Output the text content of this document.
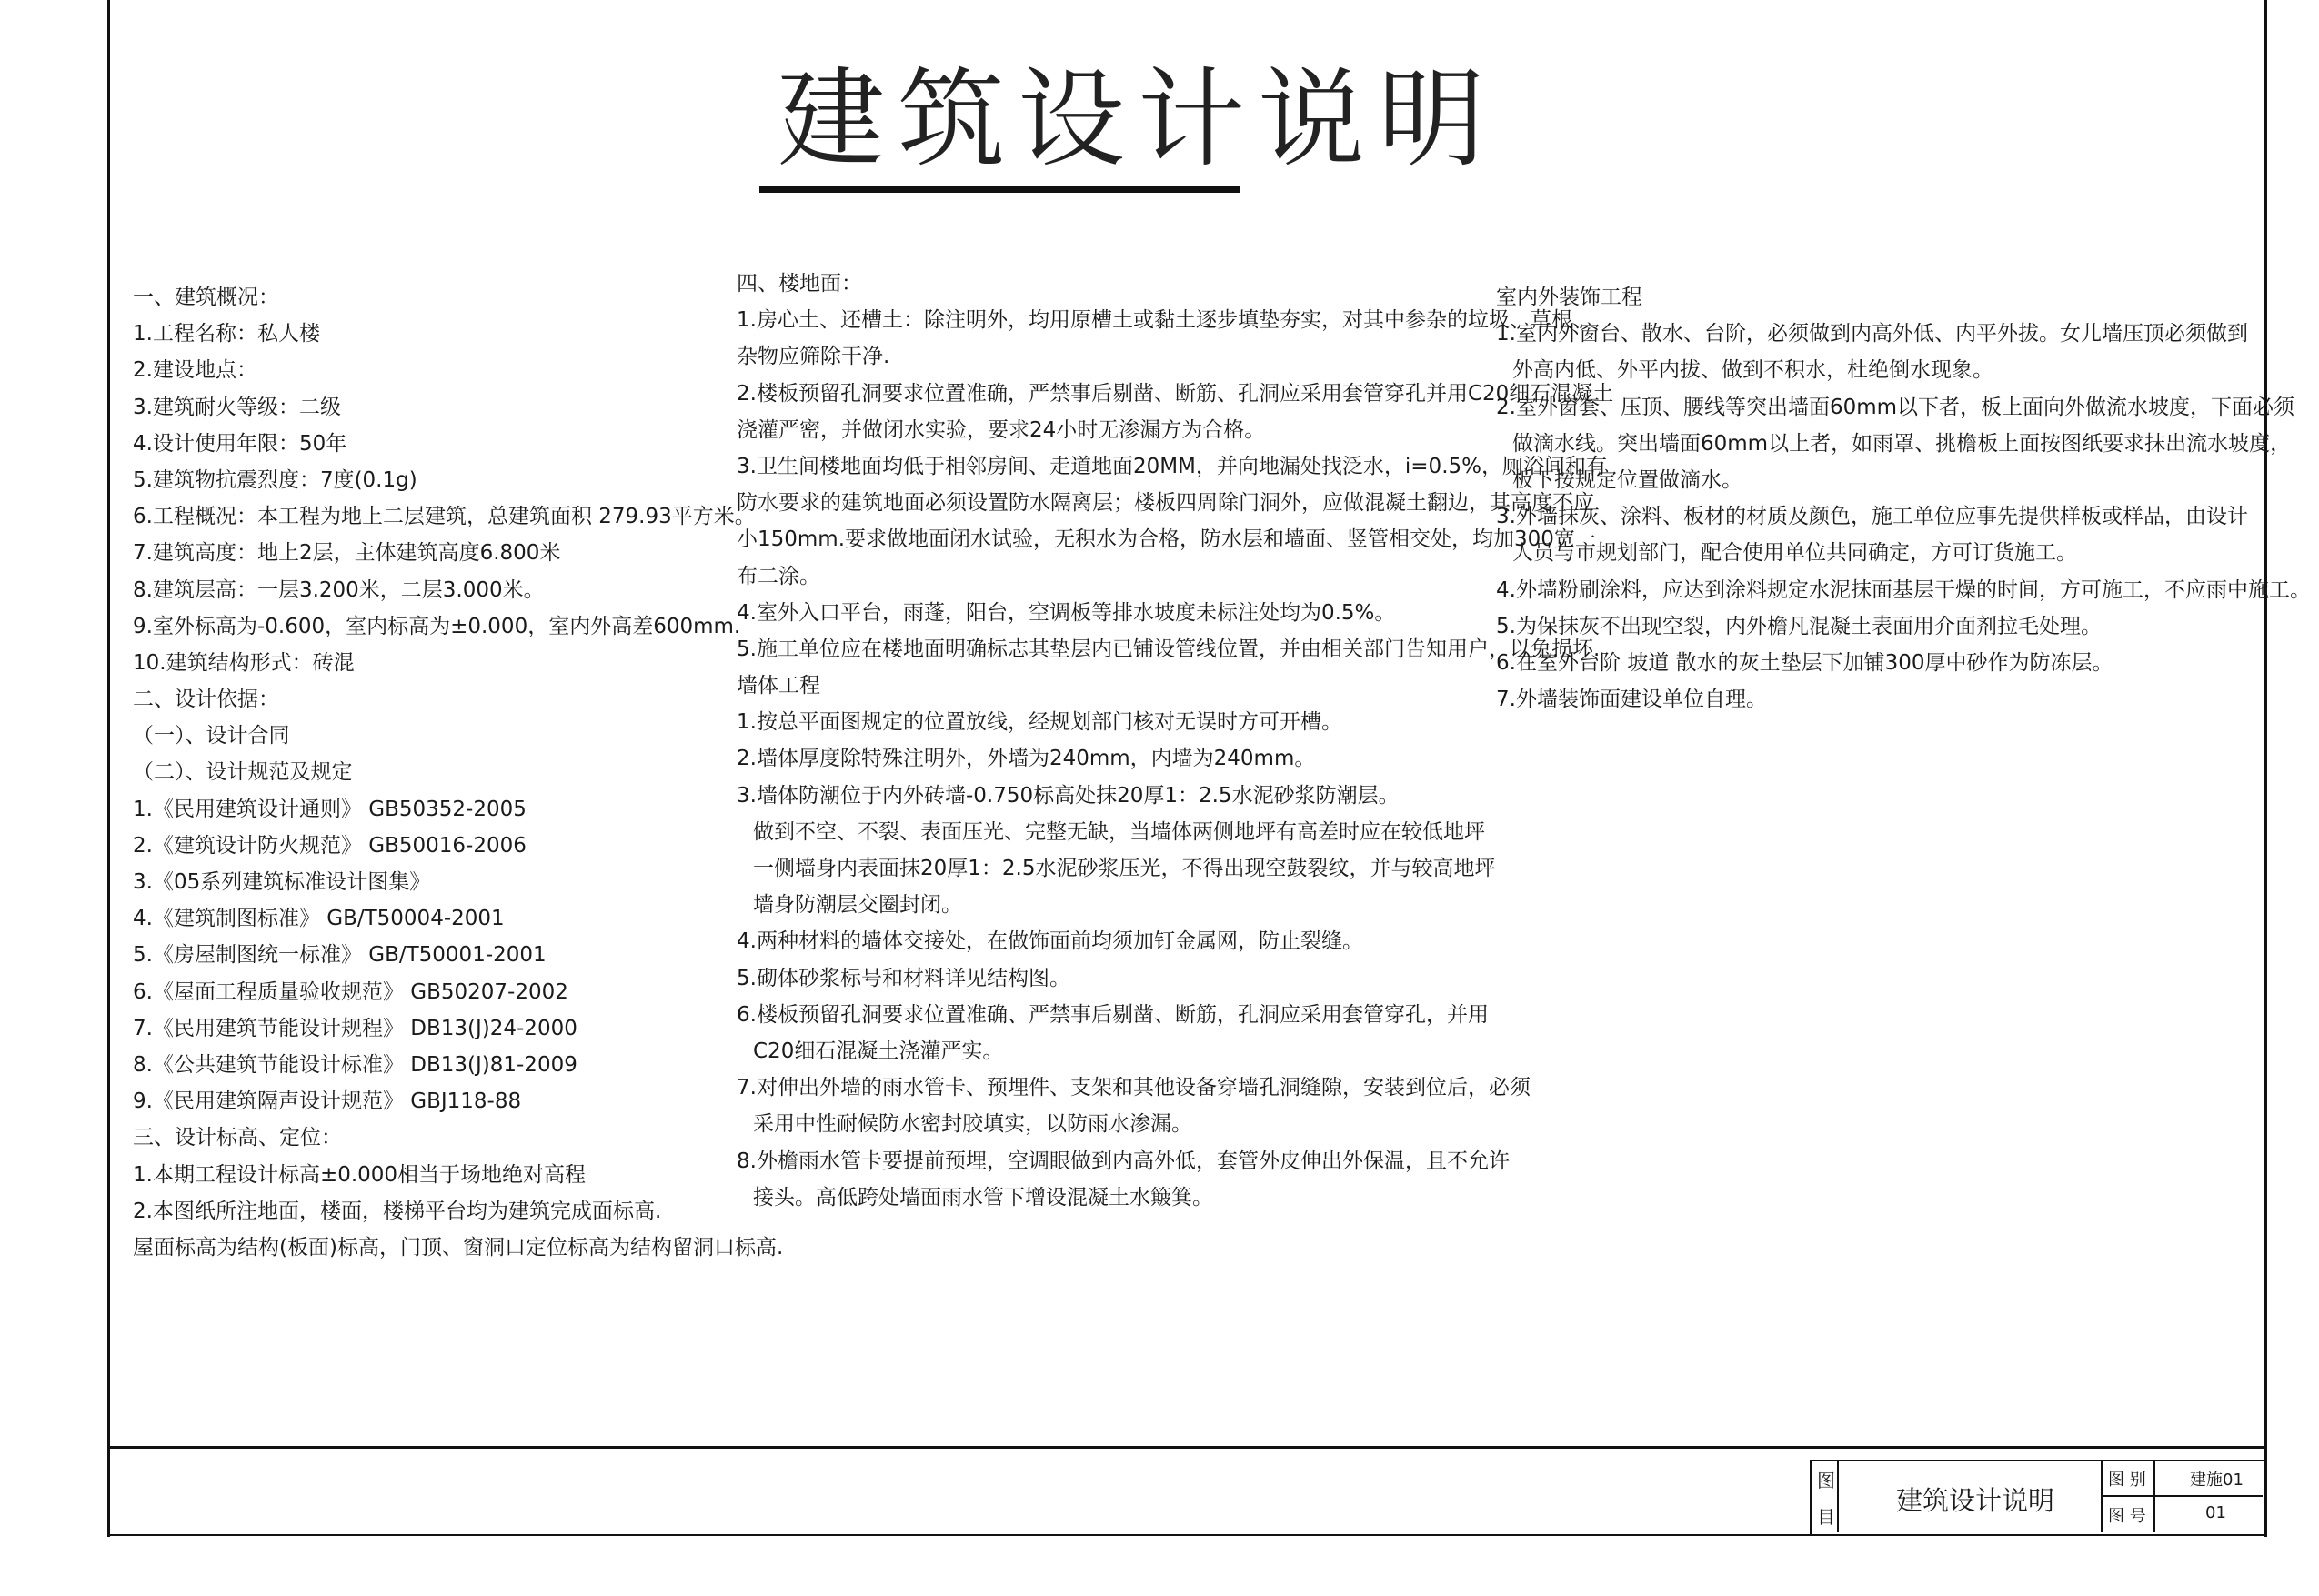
建筑设计说明
一、建筑概况：
1.工程名称：私人楼
2.建设地点：
3.建筑耐火等级：二级
4.设计使用年限：50年
5.建筑物抗震烈度：7度(0.1g)
6.工程概况：本工程为地上二层建筑，总建筑面积 279.93平方米。
7.建筑高度：地上2层，主体建筑高度6.800米
8.建筑层高：一层3.200米，二层3.000米。
9.室外标高为-0.600，室内标高为±0.000，室内外高差600mm.
10.建筑结构形式：砖混
二、设计依据：
（一）、设计合同
（二）、设计规范及规定
1.《民用建筑设计通则》 GB50352-2005
2.《建筑设计防火规范》 GB50016-2006
3.《05系列建筑标准设计图集》
4.《建筑制图标准》 GB/T50004-2001
5.《房屋制图统一标准》 GB/T50001-2001
6.《屋面工程质量验收规范》 GB50207-2002
7.《民用建筑节能设计规程》 DB13(J)24-2000
8.《公共建筑节能设计标准》 DB13(J)81-2009
9.《民用建筑隔声设计规范》 GBJ118-88
三、设计标高、定位：
1.本期工程设计标高±0.000相当于场地绝对高程
2.本图纸所注地面，楼面，楼梯平台均为建筑完成面标高.
屋面标高为结构(板面)标高，门顶、窗洞口定位标高为结构留洞口标高.
四、楼地面：
1.房心土、还槽土：除注明外，均用原槽土或黏土逐步填垫夯实，对其中参杂的垃圾、草根、
杂物应筛除干净.
2.楼板预留孔洞要求位置准确，严禁事后剔凿、断筋、孔洞应采用套管穿孔并用C20细石混凝土
浇灌严密，并做闭水实验，要求24小时无渗漏方为合格。
3.卫生间楼地面均低于相邻房间、走道地面20MM，并向地漏处找泛水，i=0.5%，厕浴间和有
防水要求的建筑地面必须设置防水隔离层；楼板四周除门洞外，应做混凝土翻边，其高度不应
小150mm.要求做地面闭水试验，无积水为合格，防水层和墙面、竖管相交处，均加300宽一
布二涂。
4.室外入口平台，雨蓬，阳台，空调板等排水坡度未标注处均为0.5%。
5.施工单位应在楼地面明确标志其垫层内已铺设管线位置，并由相关部门告知用户，以免损坏.
墙体工程
1.按总平面图规定的位置放线，经规划部门核对无误时方可开槽。
2.墙体厚度除特殊注明外，外墙为240mm，内墙为240mm。
3.墙体防潮位于内外砖墙-0.750标高处抹20厚1：2.5水泥砂浆防潮层。
做到不空、不裂、表面压光、完整无缺，当墙体两侧地坪有高差时应在较低地坪
一侧墙身内表面抹20厚1：2.5水泥砂浆压光，不得出现空鼓裂纹，并与较高地坪
墙身防潮层交圈封闭。
4.两种材料的墙体交接处，在做饰面前均须加钉金属网，防止裂缝。
5.砌体砂浆标号和材料详见结构图。
6.楼板预留孔洞要求位置准确、严禁事后剔凿、断筋，孔洞应采用套管穿孔，并用
C20细石混凝土浇灌严实。
7.对伸出外墙的雨水管卡、预埋件、支架和其他设备穿墙孔洞缝隙，安装到位后，必须
采用中性耐候防水密封胶填实，以防雨水渗漏。
8.外檐雨水管卡要提前预埋，空调眼做到内高外低，套管外皮伸出外保温，且不允许
接头。高低跨处墙面雨水管下增设混凝土水簸箕。
室内外装饰工程
1.室内外窗台、散水、台阶，必须做到内高外低、内平外拔。女儿墙压顶必须做到
外高内低、外平内拔、做到不积水，杜绝倒水现象。
2.室外窗套、压顶、腰线等突出墙面60mm以下者，板上面向外做流水坡度，下面必须
做滴水线。突出墙面60mm以上者，如雨罩、挑檐板上面按图纸要求抹出流水坡度，
板下按规定位置做滴水。
3.外墙抹灰、涂料、板材的材质及颜色，施工单位应事先提供样板或样品，由设计
人员与市规划部门，配合使用单位共同确定，方可订货施工。
4.外墙粉刷涂料，应达到涂料规定水泥抹面基层干燥的时间，方可施工，不应雨中施工。
5.为保抹灰不出现空裂，内外檐凡混凝土表面用介面剂拉毛处理。
6.在室外台阶 坡道 散水的灰土垫层下加铺300厚中砂作为防冻层。
7.外墙装饰面建设单位自理。
图
目
建筑设计说明
图 别	建施01
图 号	01
